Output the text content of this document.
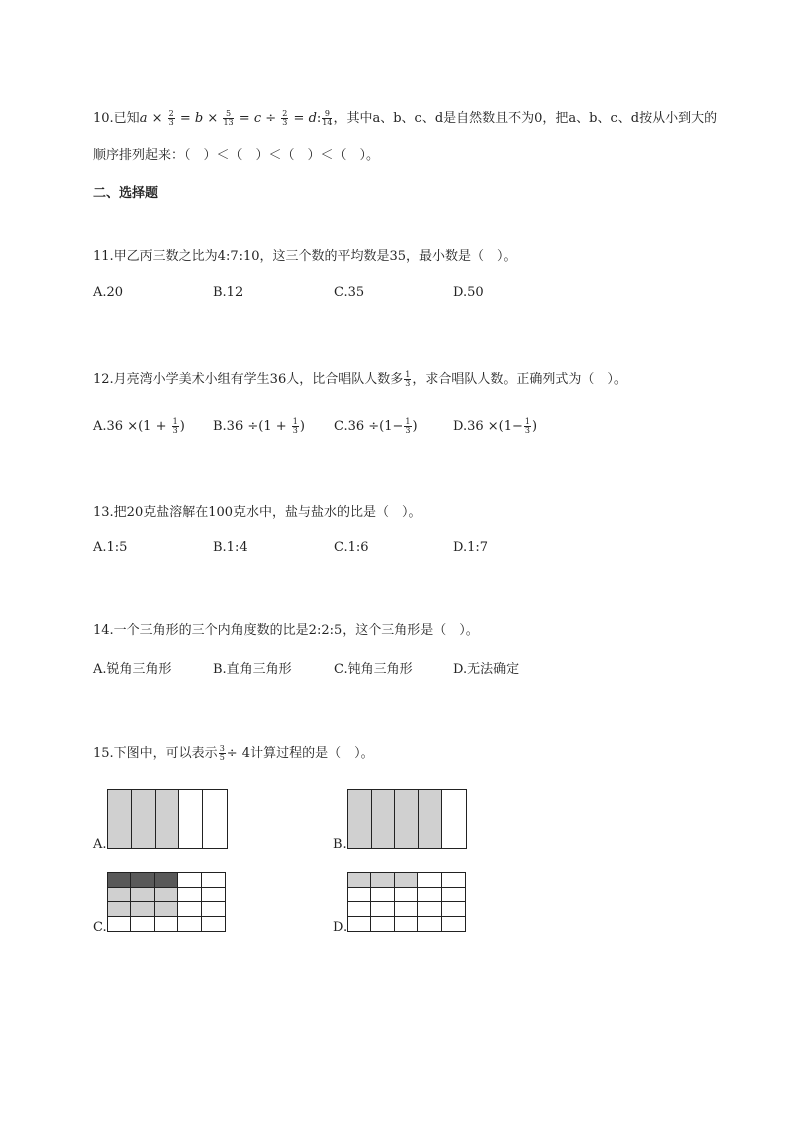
10.已知$a \times \frac{2}{3} = b \times \frac{5}{13} = c \div \frac{2}{3} = d$: $\frac{9}{14}$ ，其中a、b、c、d是自然数且不为0，把a、b、c、d按从小到大的
顺序排列起来：（　）＜（　）＜（　）＜（　）。
二、选择题
11.甲乙丙三数之比为4:7:10，这三个数的平均数是35，最小数是（　）。
A.20	B.12	C.35	D.50
12.月亮湾小学美术小组有学生36人，比合唱队人数多 $\frac{1}{3}$ ，求合唱队人数。正确列式为（　）。
$A.36 \times(1 + \frac{1}{3}$ ) $B.36 \div(1 + \frac{1}{3}$ ) $C.36 \div(1- \frac{1}{3}$ )	$D.36 \times(1- \frac{1}{3}$ )
13.把20克盐溶解在100克水中，盐与盐水的比是（　）。
A.1:5	B.1:4	C.1:6	D.1:7
14.一个三角形的三个内角度数的比是2:2:5，这个三角形是（　）。
A.锐角三角形	B.直角三角形	C.钝角三角形	D.无法确定
15.下图中，可以表示 $\frac{3}{5} \div 4$计算过程的是（　）。
A.	B.
C.	D.
